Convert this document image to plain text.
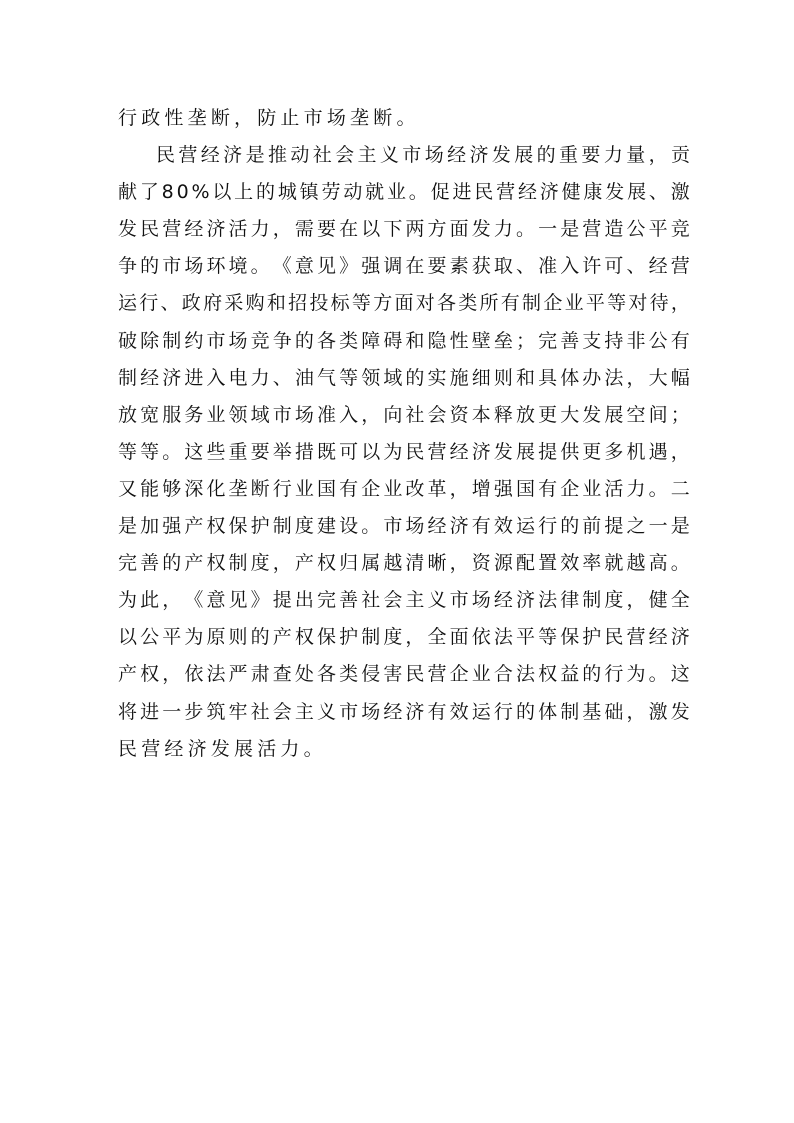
行 政 性 垄 断 ， 防 止 市 场 垄 断 。
民 营 经 济 是 推 动 社 会 主 义 市 场 经 济 发 展 的 重 要 力 量 ， 贡
献 了 8 0 % 以 上 的 城 镇 劳 动 就 业 。 促 进 民 营 经 济 健 康 发 展 、 激
发 民 营 经 济 活 力 ， 需 要 在 以 下 两 方 面 发 力 。 一 是 营 造 公 平 竞
争 的 市 场 环 境 。 《 意 见 》 强 调 在 要 素 获 取 、 准 入 许 可 、 经 营
运 行 、 政 府 采 购 和 招 投 标 等 方 面 对 各 类 所 有 制 企 业 平 等 对 待 ，
破 除 制 约 市 场 竞 争 的 各 类 障 碍 和 隐 性 壁 垒 ； 完 善 支 持 非 公 有
制 经 济 进 入 电 力 、 油 气 等 领 域 的 实 施 细 则 和 具 体 办 法 ， 大 幅
放 宽 服 务 业 领 域 市 场 准 入 ， 向 社 会 资 本 释 放 更 大 发 展 空 间 ；
等 等 。 这 些 重 要 举 措 既 可 以 为 民 营 经 济 发 展 提 供 更 多 机 遇 ，
又 能 够 深 化 垄 断 行 业 国 有 企 业 改 革 ， 增 强 国 有 企 业 活 力 。 二
是 加 强 产 权 保 护 制 度 建 设 。 市 场 经 济 有 效 运 行 的 前 提 之 一 是
完 善 的 产 权 制 度 ， 产 权 归 属 越 清 晰 ， 资 源 配 置 效 率 就 越 高 。
为 此 ， 《 意 见 》 提 出 完 善 社 会 主 义 市 场 经 济 法 律 制 度 ， 健 全
以 公 平 为 原 则 的 产 权 保 护 制 度 ， 全 面 依 法 平 等 保 护 民 营 经 济
产 权 ， 依 法 严 肃 查 处 各 类 侵 害 民 营 企 业 合 法 权 益 的 行 为 。 这
将 进 一 步 筑 牢 社 会 主 义 市 场 经 济 有 效 运 行 的 体 制 基 础 ， 激 发
民 营 经 济 发 展 活 力 。
